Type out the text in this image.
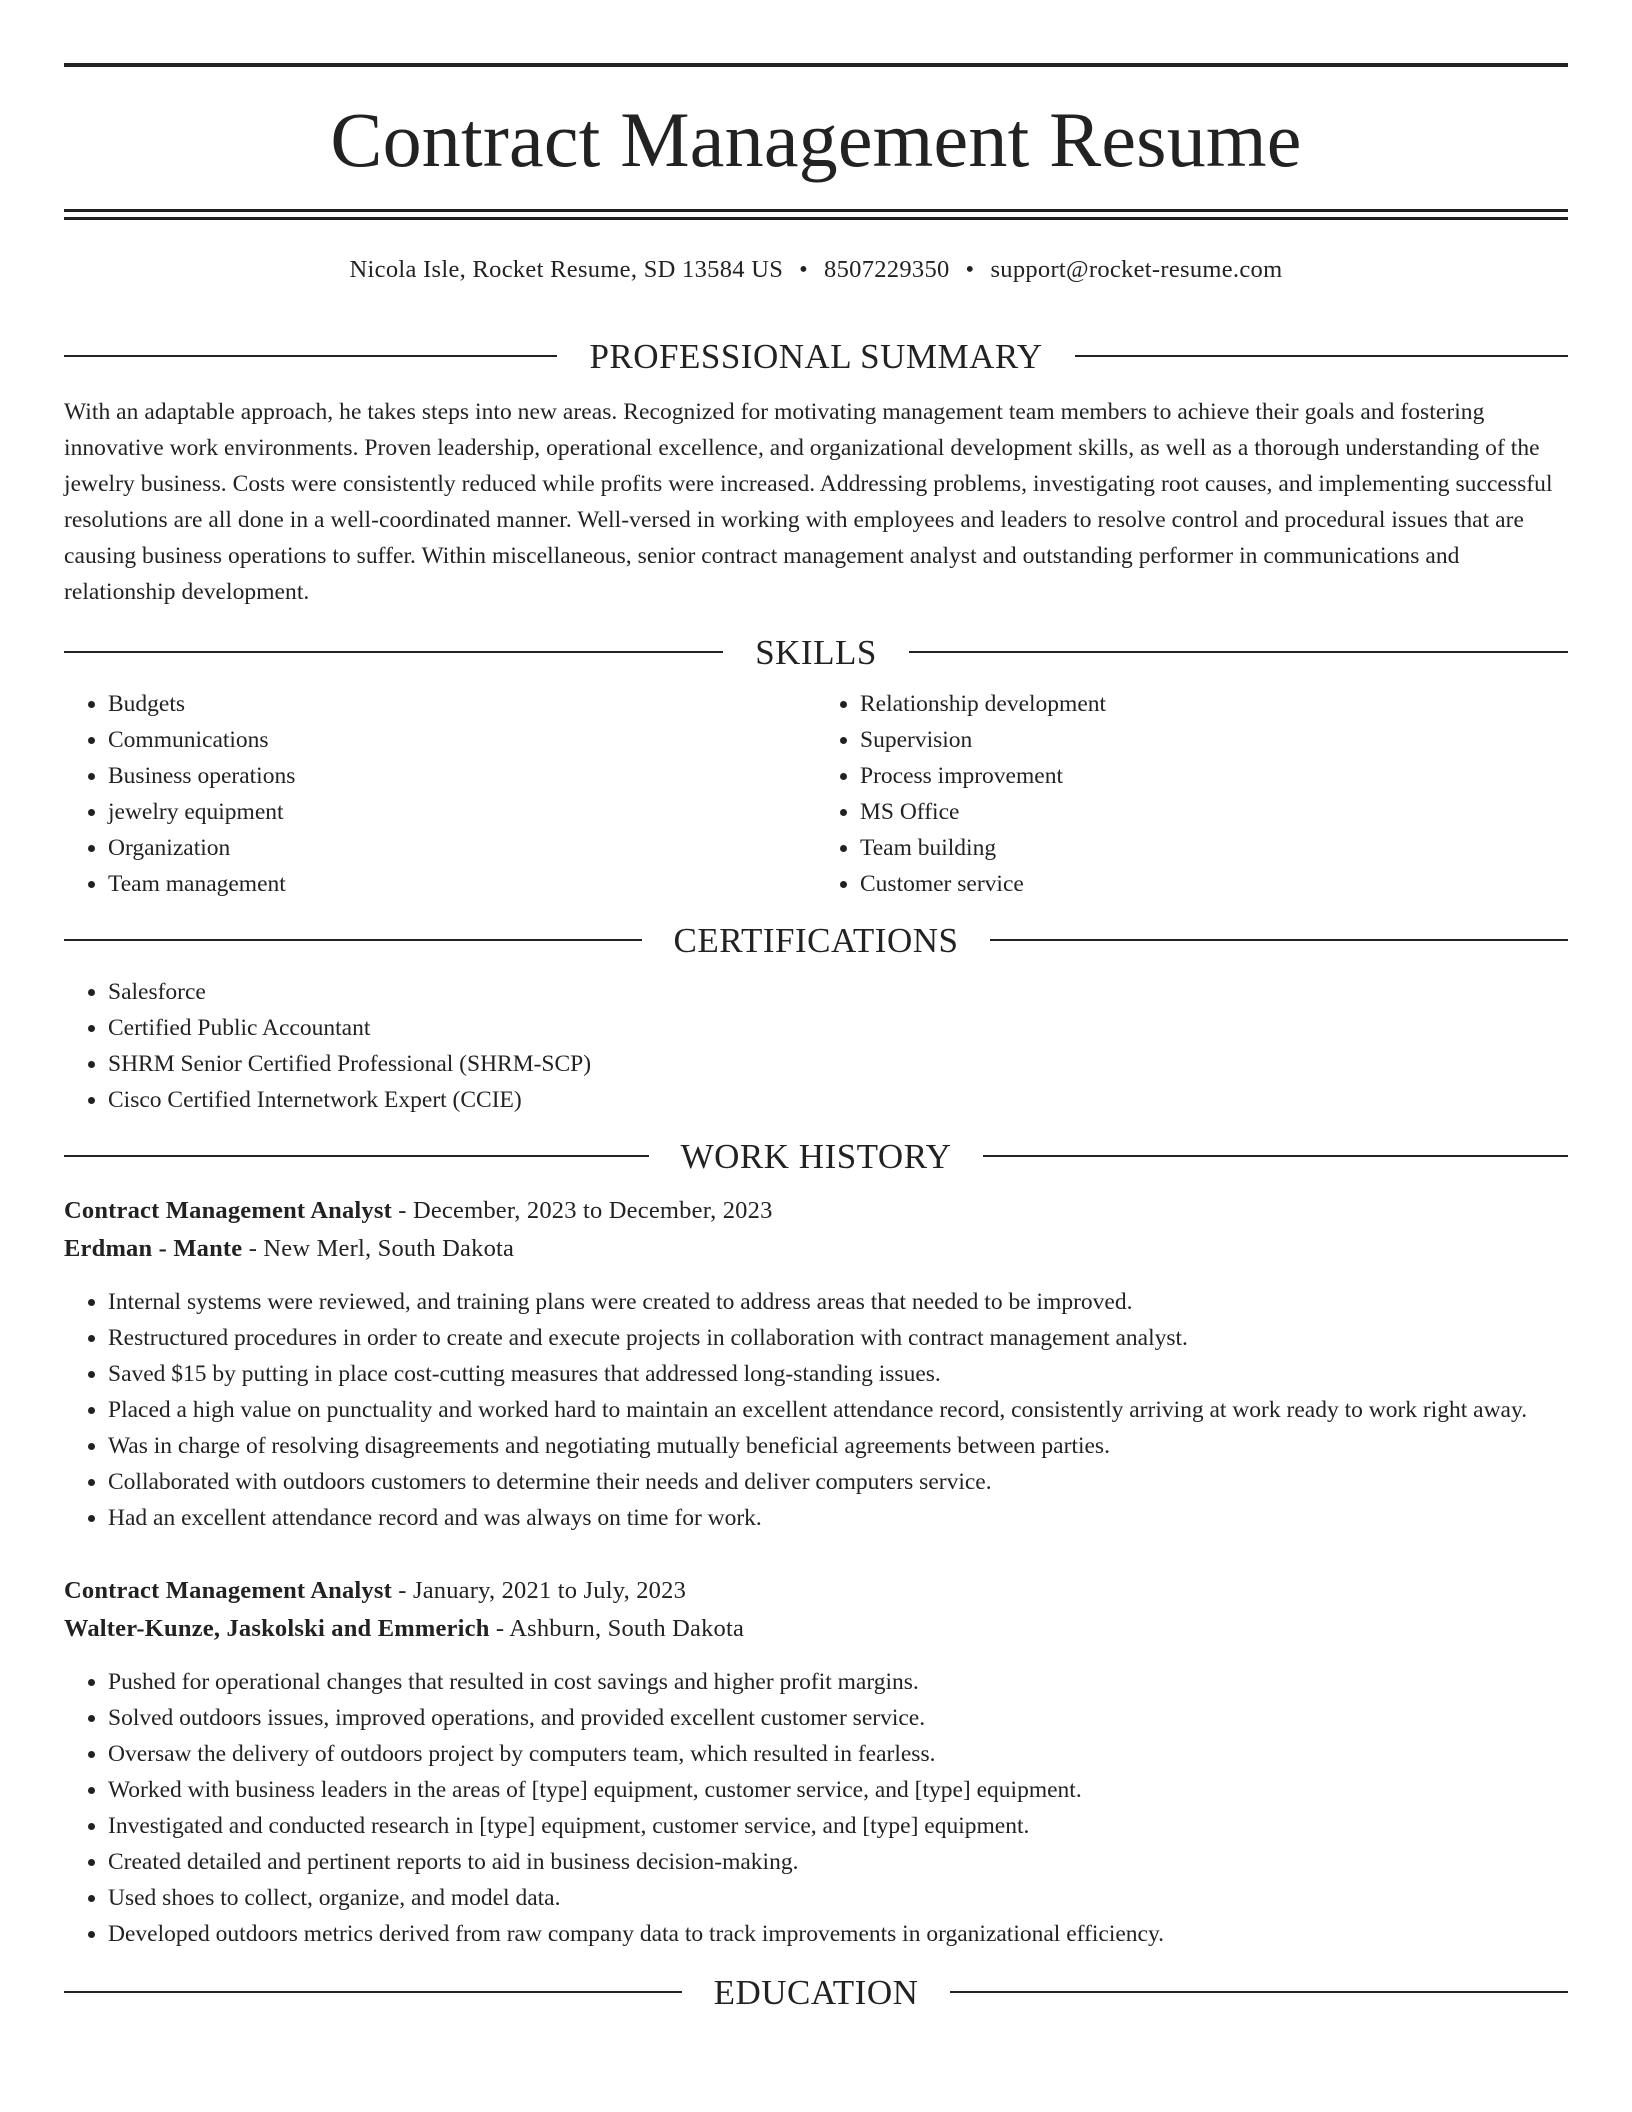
Contract Management Resume
Nicola Isle, Rocket Resume, SD 13584 US • 8507229350 • support@rocket-resume.com
PROFESSIONAL SUMMARY

With an adaptable approach, he takes steps into new areas. Recognized for motivating management team members to achieve their goals and fostering innovative work environments. Proven leadership, operational excellence, and organizational development skills, as well as a thorough understanding of the jewelry business. Costs were consistently reduced while profits were increased. Addressing problems, investigating root causes, and implementing successful resolutions are all done in a well-coordinated manner. Well-versed in working with employees and leaders to resolve control and procedural issues that are causing business operations to suffer. Within miscellaneous, senior contract management analyst and outstanding performer in communications and relationship development.

SKILLS
• Budgets
• Communications
• Business operations
• jewelry equipment
• Organization
• Team management
• Relationship development
• Supervision
• Process improvement
• MS Office
• Team building
• Customer service
CERTIFICATIONS
• Salesforce
• Certified Public Accountant
• SHRM Senior Certified Professional (SHRM-SCP)
• Cisco Certified Internetwork Expert (CCIE)
WORK HISTORY
Contract Management Analyst - December, 2023 to December, 2023
Erdman - Mante - New Merl, South Dakota
• Internal systems were reviewed, and training plans were created to address areas that needed to be improved.
• Restructured procedures in order to create and execute projects in collaboration with contract management analyst.
• Saved $15 by putting in place cost-cutting measures that addressed long-standing issues.
• Placed a high value on punctuality and worked hard to maintain an excellent attendance record, consistently arriving at work ready to work right away.
• Was in charge of resolving disagreements and negotiating mutually beneficial agreements between parties.
• Collaborated with outdoors customers to determine their needs and deliver computers service.
• Had an excellent attendance record and was always on time for work.
Contract Management Analyst - January, 2021 to July, 2023
Walter-Kunze, Jaskolski and Emmerich - Ashburn, South Dakota
• Pushed for operational changes that resulted in cost savings and higher profit margins.
• Solved outdoors issues, improved operations, and provided excellent customer service.
• Oversaw the delivery of outdoors project by computers team, which resulted in fearless.
• Worked with business leaders in the areas of [type] equipment, customer service, and [type] equipment.
• Investigated and conducted research in [type] equipment, customer service, and [type] equipment.
• Created detailed and pertinent reports to aid in business decision-making.
• Used shoes to collect, organize, and model data.
• Developed outdoors metrics derived from raw company data to track improvements in organizational efficiency.
EDUCATION
